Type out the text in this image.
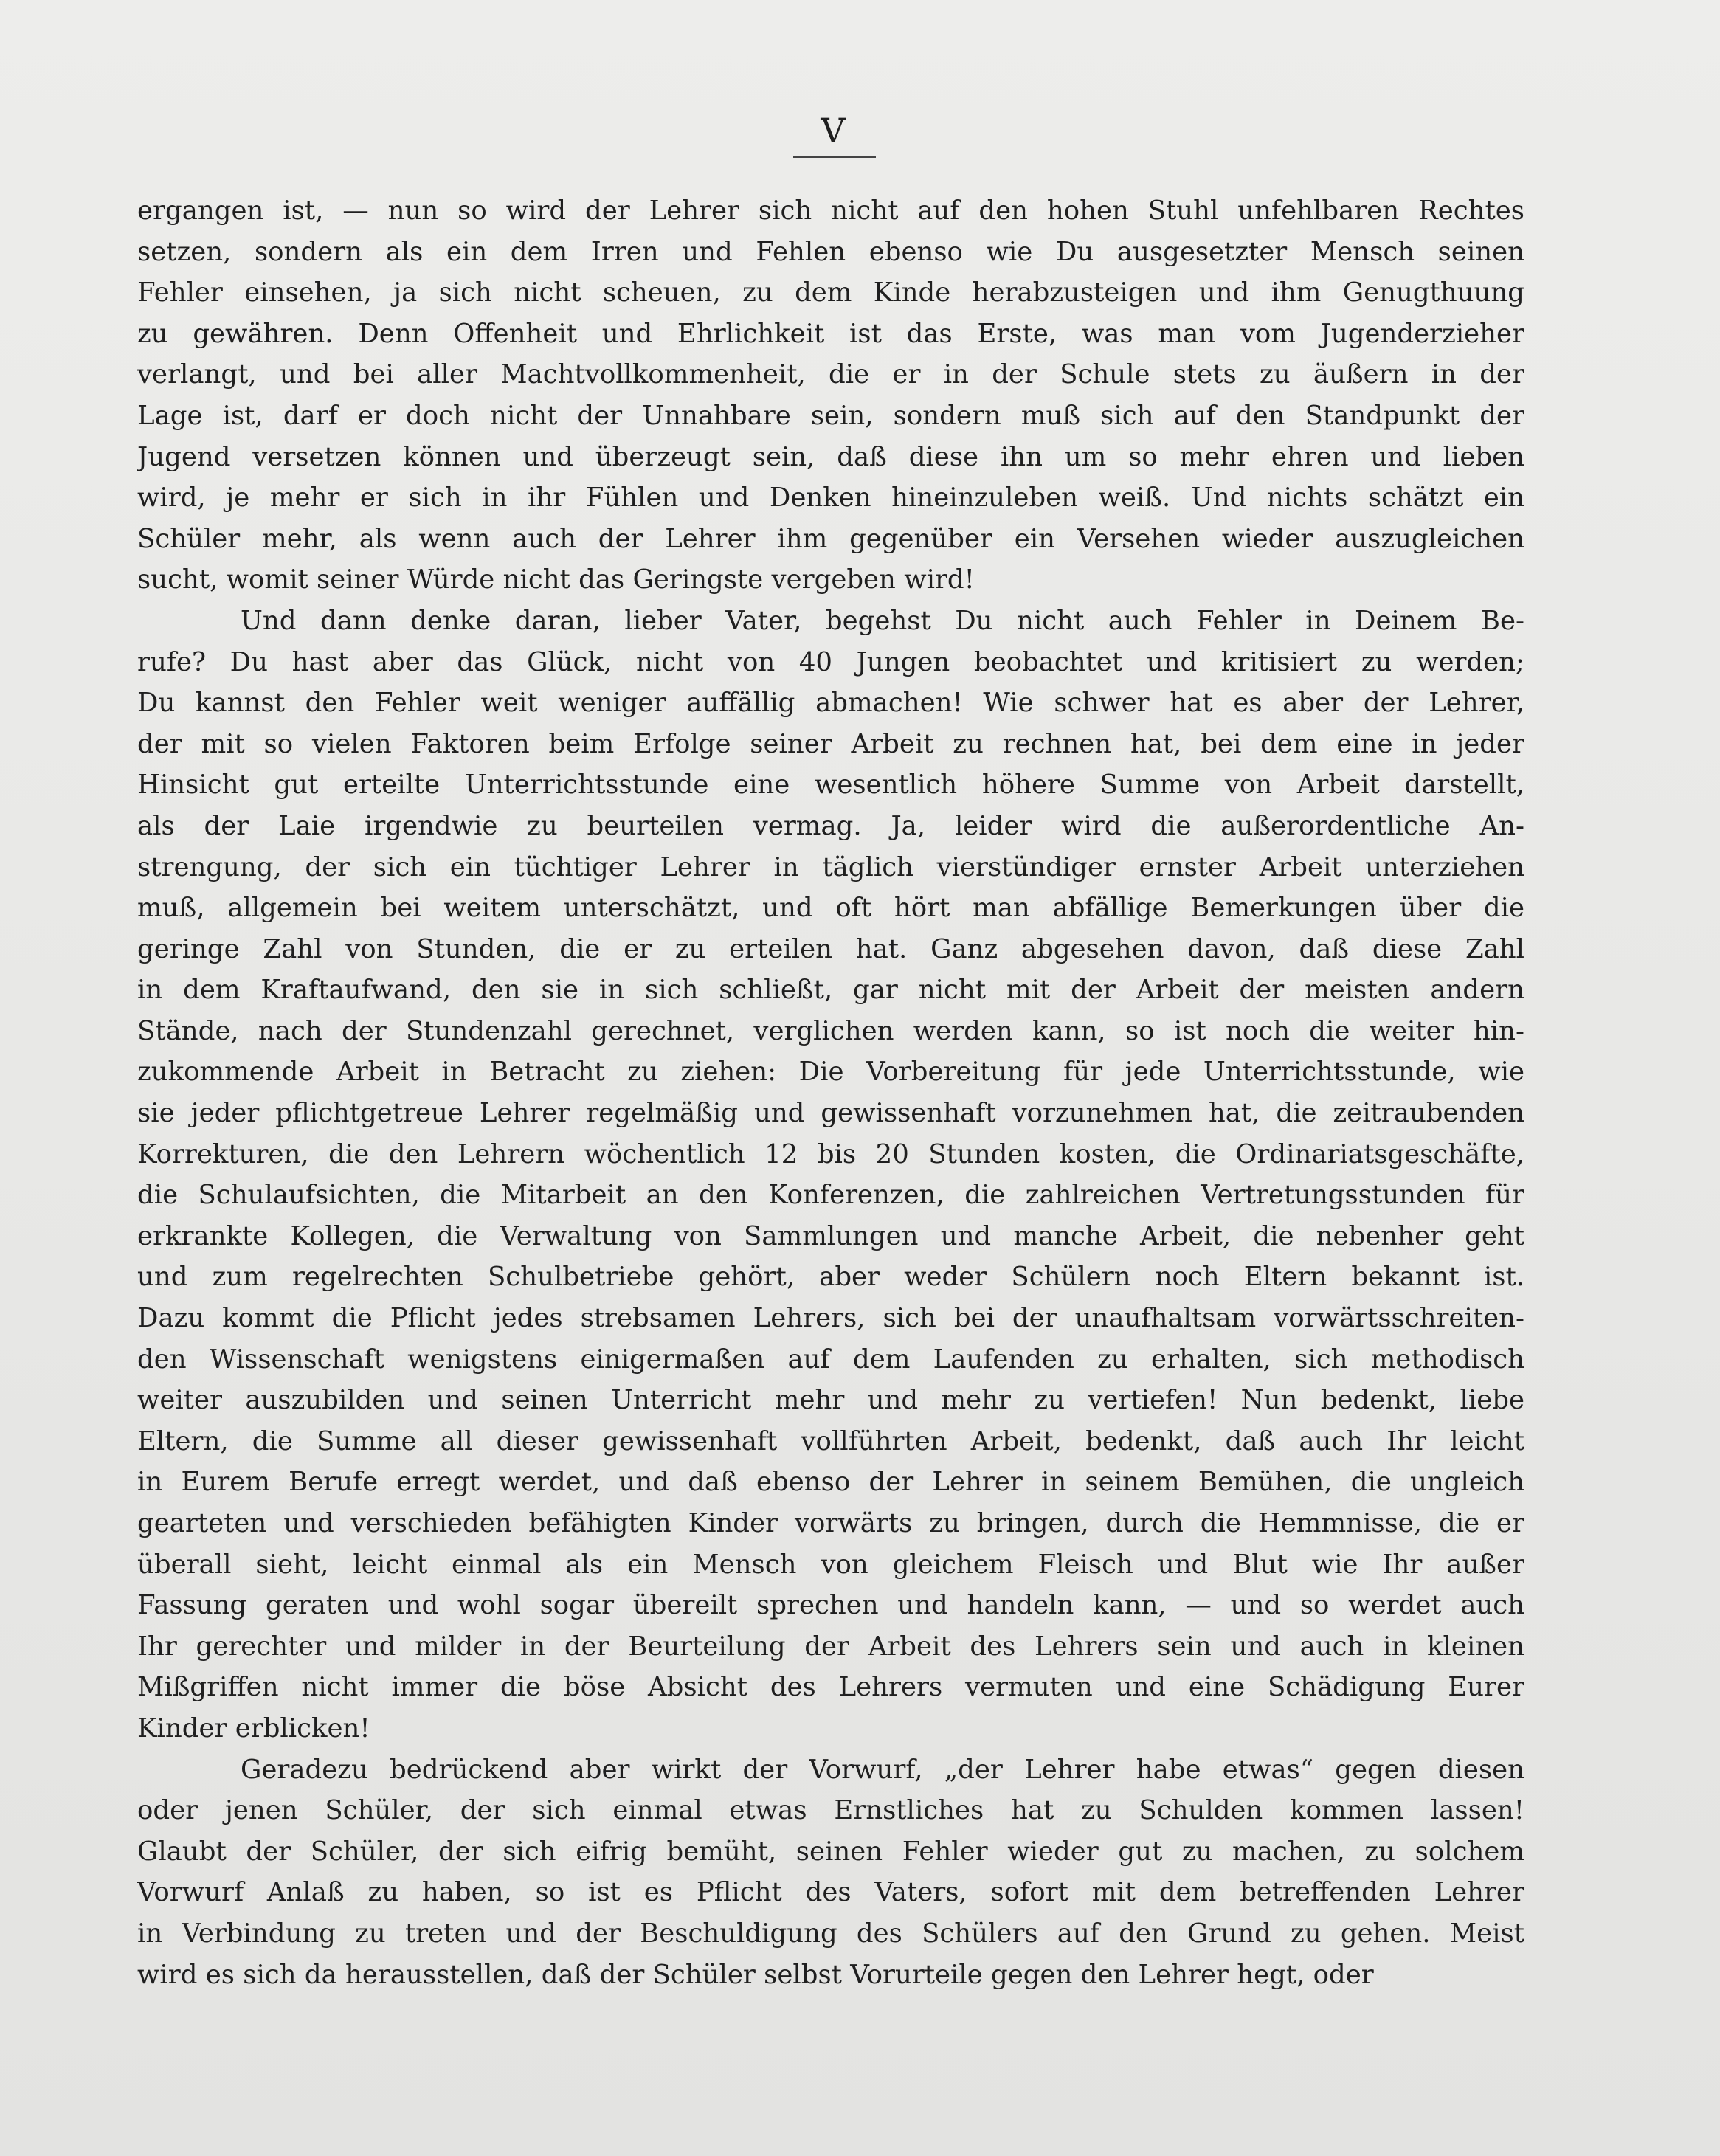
V
ergangen ist, — nun so wird der Lehrer sich nicht auf den hohen Stuhl unfehlbaren Rechtes
setzen, sondern als ein dem Irren und Fehlen ebenso wie Du ausgesetzter Mensch seinen
Fehler einsehen, ja sich nicht scheuen, zu dem Kinde herabzusteigen und ihm Genugthuung
zu gewähren. Denn Offenheit und Ehrlichkeit ist das Erste, was man vom Jugenderzieher
verlangt, und bei aller Machtvollkommenheit, die er in der Schule stets zu äußern in der
Lage ist, darf er doch nicht der Unnahbare sein, sondern muß sich auf den Standpunkt der
Jugend versetzen können und überzeugt sein, daß diese ihn um so mehr ehren und lieben
wird, je mehr er sich in ihr Fühlen und Denken hineinzuleben weiß. Und nichts schätzt ein
Schüler mehr, als wenn auch der Lehrer ihm gegenüber ein Versehen wieder auszugleichen
sucht, womit seiner Würde nicht das Geringste vergeben wird!
Und dann denke daran, lieber Vater, begehst Du nicht auch Fehler in Deinem Be-
rufe? Du hast aber das Glück, nicht von 40 Jungen beobachtet und kritisiert zu werden;
Du kannst den Fehler weit weniger auffällig abmachen! Wie schwer hat es aber der Lehrer,
der mit so vielen Faktoren beim Erfolge seiner Arbeit zu rechnen hat, bei dem eine in jeder
Hinsicht gut erteilte Unterrichtsstunde eine wesentlich höhere Summe von Arbeit darstellt,
als der Laie irgendwie zu beurteilen vermag. Ja, leider wird die außerordentliche An-
strengung, der sich ein tüchtiger Lehrer in täglich vierstündiger ernster Arbeit unterziehen
muß, allgemein bei weitem unterschätzt, und oft hört man abfällige Bemerkungen über die
geringe Zahl von Stunden, die er zu erteilen hat. Ganz abgesehen davon, daß diese Zahl
in dem Kraftaufwand, den sie in sich schließt, gar nicht mit der Arbeit der meisten andern
Stände, nach der Stundenzahl gerechnet, verglichen werden kann, so ist noch die weiter hin-
zukommende Arbeit in Betracht zu ziehen: Die Vorbereitung für jede Unterrichtsstunde, wie
sie jeder pflichtgetreue Lehrer regelmäßig und gewissenhaft vorzunehmen hat, die zeitraubenden
Korrekturen, die den Lehrern wöchentlich 12 bis 20 Stunden kosten, die Ordinariatsgeschäfte,
die Schulaufsichten, die Mitarbeit an den Konferenzen, die zahlreichen Vertretungsstunden für
erkrankte Kollegen, die Verwaltung von Sammlungen und manche Arbeit, die nebenher geht
und zum regelrechten Schulbetriebe gehört, aber weder Schülern noch Eltern bekannt ist.
Dazu kommt die Pflicht jedes strebsamen Lehrers, sich bei der unaufhaltsam vorwärtsschreiten-
den Wissenschaft wenigstens einigermaßen auf dem Laufenden zu erhalten, sich methodisch
weiter auszubilden und seinen Unterricht mehr und mehr zu vertiefen! Nun bedenkt, liebe
Eltern, die Summe all dieser gewissenhaft vollführten Arbeit, bedenkt, daß auch Ihr leicht
in Eurem Berufe erregt werdet, und daß ebenso der Lehrer in seinem Bemühen, die ungleich
gearteten und verschieden befähigten Kinder vorwärts zu bringen, durch die Hemmnisse, die er
überall sieht, leicht einmal als ein Mensch von gleichem Fleisch und Blut wie Ihr außer
Fassung geraten und wohl sogar übereilt sprechen und handeln kann, — und so werdet auch
Ihr gerechter und milder in der Beurteilung der Arbeit des Lehrers sein und auch in kleinen
Mißgriffen nicht immer die böse Absicht des Lehrers vermuten und eine Schädigung Eurer
Kinder erblicken!
Geradezu bedrückend aber wirkt der Vorwurf, „der Lehrer habe etwas“ gegen diesen
oder jenen Schüler, der sich einmal etwas Ernstliches hat zu Schulden kommen lassen!
Glaubt der Schüler, der sich eifrig bemüht, seinen Fehler wieder gut zu machen, zu solchem
Vorwurf Anlaß zu haben, so ist es Pflicht des Vaters, sofort mit dem betreffenden Lehrer
in Verbindung zu treten und der Beschuldigung des Schülers auf den Grund zu gehen. Meist
wird es sich da herausstellen, daß der Schüler selbst Vorurteile gegen den Lehrer hegt, oder
